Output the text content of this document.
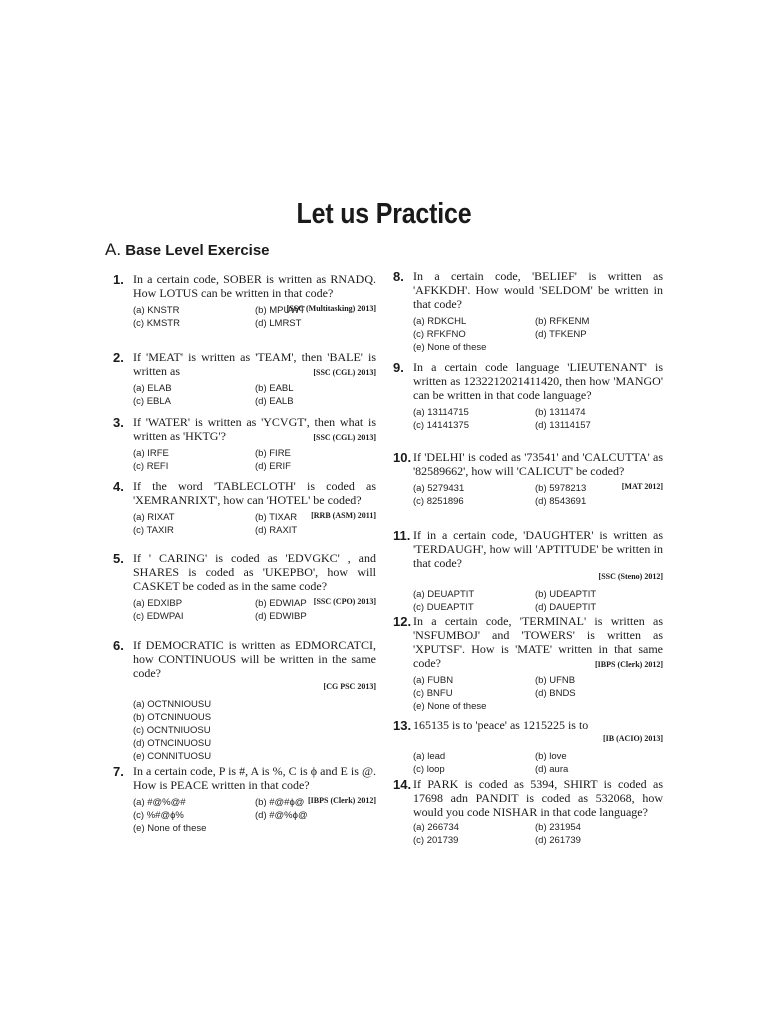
Let us Practice
A. Base Level Exercise
1. In a certain code, SOBER is written as RNADQ. How LOTUS can be written in that code?
[SSC (Multitasking) 2013]
(a) KNSTR	(b) MPUWT
(c) KMSTR	(d) LMRST
2. If 'MEAT' is written as 'TEAM', then 'BALE' is written as	[SSC (CGL) 2013]
(a) ELAB	(b) EABL
(c) EBLA	(d) EALB
3. If 'WATER' is written as 'YCVGT', then what is written as 'HKTG'?	[SSC (CGL) 2013]
(a) IRFE	(b) FIRE
(c) REFI	(d) ERIF
4. If the word 'TABLECLOTH' is coded as 'XEMRANRIXT', how can 'HOTEL' be coded?
[RRB (ASM) 2011]
(a) RIXAT	(b) TIXAR
(c) TAXIR	(d) RAXIT
5. If ' CARING' is coded as 'EDVGKC' , and SHARES is coded as 'UKEPBO', how will CASKET be coded as in the same code?
[SSC (CPO) 2013]
(a) EDXIBP	(b) EDWIAP
(c) EDWPAI	(d) EDWIBP
6. If DEMOCRATIC is written as EDMORCATCI, how CONTINUOUS will be written in the same code?
[CG PSC 2013]
(a) OCTNNIOUSU
(b) OTCNINUOUS
(c) OCNTNIUOSU
(d) OTNCINUOSU
(e) CONNITUOSU
7. In a certain code, P is #, A is %, C is ϕ and E is @. How is PEACE written in that code?
[IBPS (Clerk) 2012]
(a) #@%@#	(b) #@#ϕ@
(c) %#@ϕ%	(d) #@%ϕ@
(e) None of these
8. In a certain code, 'BELIEF' is written as 'AFKKDH'. How would 'SELDOM' be written in that code?
(a) RDKCHL	(b) RFKENM
(c) RFKFNO	(d) TFKENP
(e) None of these
9. In a certain code language 'LIEUTENANT' is written as 1232212021411420, then how 'MANGO' can be written in that code language?
(a) 13114715	(b) 1311474
(c) 14141375	(d) 13114157
10. If 'DELHI' is coded as '73541' and 'CALCUTTA' as '82589662', how will 'CALICUT' be coded?
[MAT 2012]
(a) 5279431	(b) 5978213
(c) 8251896	(d) 8543691
11. If in a certain code, 'DAUGHTER' is written as 'TERDAUGH', how will 'APTITUDE' be written in that code?
[SSC (Steno) 2012]
(a) DEUAPTIT	(b) UDEAPTIT
(c) DUEAPTIT	(d) DAUEPTIT
12. In a certain code, 'TERMINAL' is written as 'NSFUMBOJ' and 'TOWERS' is written as 'XPUTSF'. How is 'MATE' written in that same code?	[IBPS (Clerk) 2012]
(a) FUBN	(b) UFNB
(c) BNFU	(d) BNDS
(e) None of these
13. 165135 is to 'peace' as 1215225 is to
[IB (ACIO) 2013]
(a) lead	(b) love
(c) loop	(d) aura
14. If PARK is coded as 5394, SHIRT is coded as 17698 adn PANDIT is coded as 532068, how would you code NISHAR in that code language?
(a) 266734	(b) 231954
(c) 201739	(d) 261739
